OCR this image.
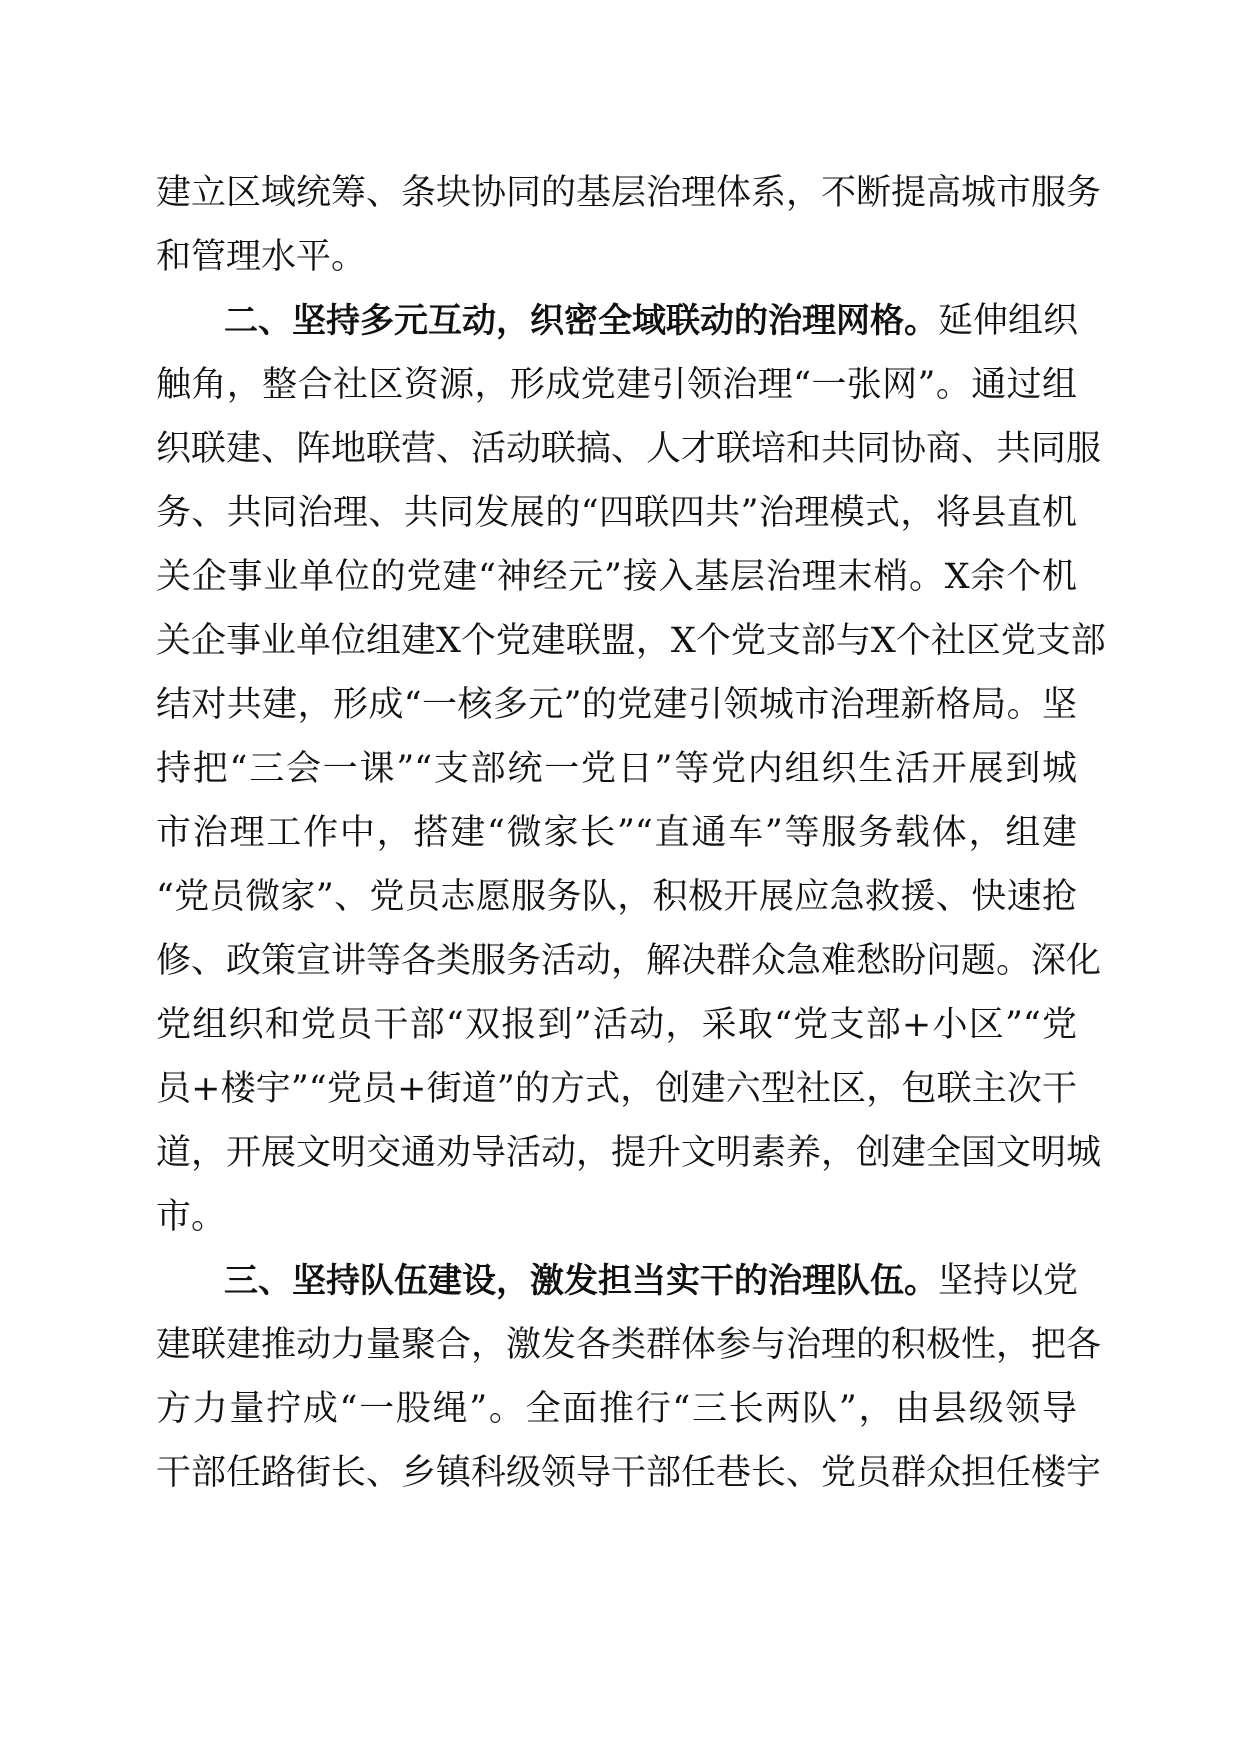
建立区域统筹、条块协同的基层治理体系，不断提高城市服务
和管理水平。
二、坚持多元互动，织密全域联动的治理网格。延伸组织
触角，整合社区资源，形成党建引领治理“一张网”。通过组
织联建、阵地联营、活动联搞、人才联培和共同协商、共同服
务、共同治理、共同发展的“四联四共”治理模式，将县直机
关企事业单位的党建“神经元”接入基层治理末梢。X余个机
关企事业单位组建X个党建联盟，X个党支部与X个社区党支部
结对共建，形成“一核多元”的党建引领城市治理新格局。坚
持把“三会一课”“支部统一党日”等党内组织生活开展到城
市治理工作中，搭建“微家长”“直通车”等服务载体，组建
“党员微家”、党员志愿服务队，积极开展应急救援、快速抢
修、政策宣讲等各类服务活动，解决群众急难愁盼问题。深化
党组织和党员干部“双报到”活动，采取“党支部+小区”“党
员+楼宇”“党员+街道”的方式，创建六型社区，包联主次干
道，开展文明交通劝导活动，提升文明素养，创建全国文明城
市。
三、坚持队伍建设，激发担当实干的治理队伍。坚持以党
建联建推动力量聚合，激发各类群体参与治理的积极性，把各
方力量拧成“一股绳”。全面推行“三长两队”，由县级领导
干部任路街长、乡镇科级领导干部任巷长、党员群众担任楼宇
